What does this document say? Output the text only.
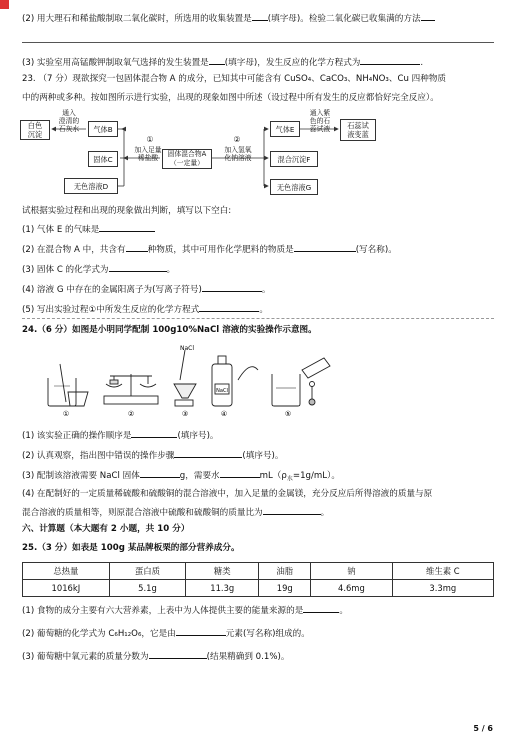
(2) 用大理石和稀盐酸制取二氧化碳时，所选用的收集装置是 (填字母)。检验二氧化碳已收集满的方法
(3) 实验室用高锰酸钾制取氧气选择的发生装置是 (填字母)，发生反应的化学方程式为	.
23. （7 分）现欲探究一包固体混合物 A 的成分，已知其中可能含有 CuSO₄、CaCO₃、NH₄NO₃、Cu 四种物质
中的两种或多种。按如图所示进行实验，出现的现象如图中所述（设过程中所有发生的反应都恰好完全反应）。
白色
沉淀
通入
澄清的
石灰水	气体B
固体C
无色溶液D
①
加入足量
稀盐酸	固体混合物A
（一定量）
②
加入氢氧
化钠溶液
气体E
通入紫
色的石
蕊试液	石蕊试
液变蓝
混合沉淀F
无色溶液G
试根据实验过程和出现的现象做出判断，填写以下空白:
(1) 气体 E 的气味是
(2) 在混合物 A 中，共含有	种物质，其中可用作化学肥料的物质是	(写名称)。
(3) 固体 C 的化学式为	。
(4) 溶液 G 中存在的金属阳离子为(写离子符号)	。
(5) 写出实验过程①中所发生反应的化学方程式	。
24.（6 分）如图是小明同学配制 100g10%NaCl 溶液的实验操作示意图。
NaCl
NaCl
①	②	③	④	⑤
(1) 该实验正确的操作顺序是	(填序号)。
(2) 认真观察，指出图中错误的操作步骤	(填序号)。
(3) 配制该溶液需要 NaCl 固体	g，需要水	$mL(\rho_水=1g/mL)$。
(4) 在配制好的一定质量稀硫酸和硫酸铜的混合溶液中，加入足量的金属镁，充分反应后所得溶液的质量与原
混合溶液的质量相等，则原混合溶液中硫酸和硫酸铜的质量比为	。
六、计算题（本大题有 2 小题，共 10 分）
25.（3 分）如表是 100g 某品牌板栗的部分营养成分。
总热量	蛋白质	糖类	油脂	钠	维生素 C
1016kJ	5.1g	11.3g	19g	4.6mg	3.3mg
(1) 食物的成分主要有六大营养素，上表中为人体提供主要的能量来源的是	。
(2) 葡萄糖的化学式为 C₆H₁₂O₆，它是由	元素(写名称)组成的。
(3) 葡萄糖中氧元素的质量分数为	(结果精确到 0.1%)。
5 / 6
